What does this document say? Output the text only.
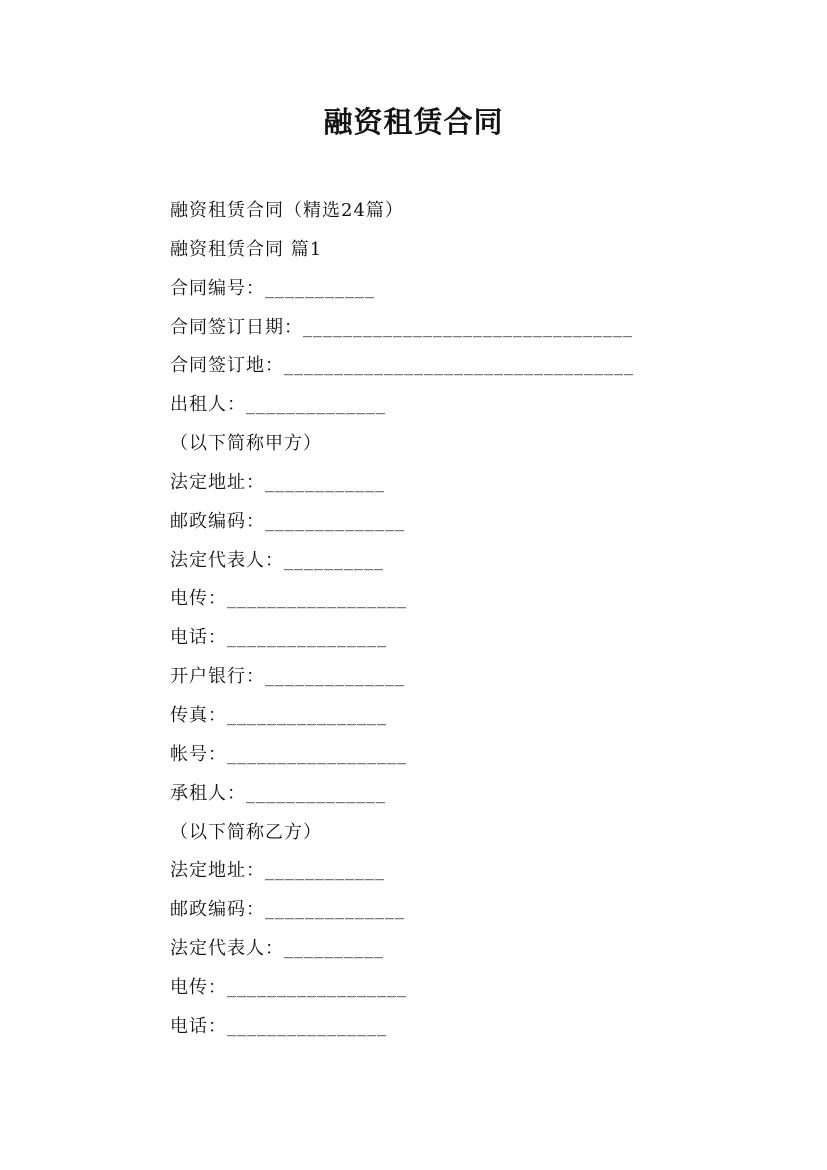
融资租赁合同
融资租赁合同（精选24篇）
融资租赁合同 篇1
合同编号：___________
合同签订日期：_________________________________
合同签订地：___________________________________
出租人：______________
（以下简称甲方）
法定地址：____________
邮政编码：______________
法定代表人：__________
电传：__________________
电话：________________
开户银行：______________
传真：________________
帐号：__________________
承租人：______________
（以下简称乙方）
法定地址：____________
邮政编码：______________
法定代表人：__________
电传：__________________
电话：________________
